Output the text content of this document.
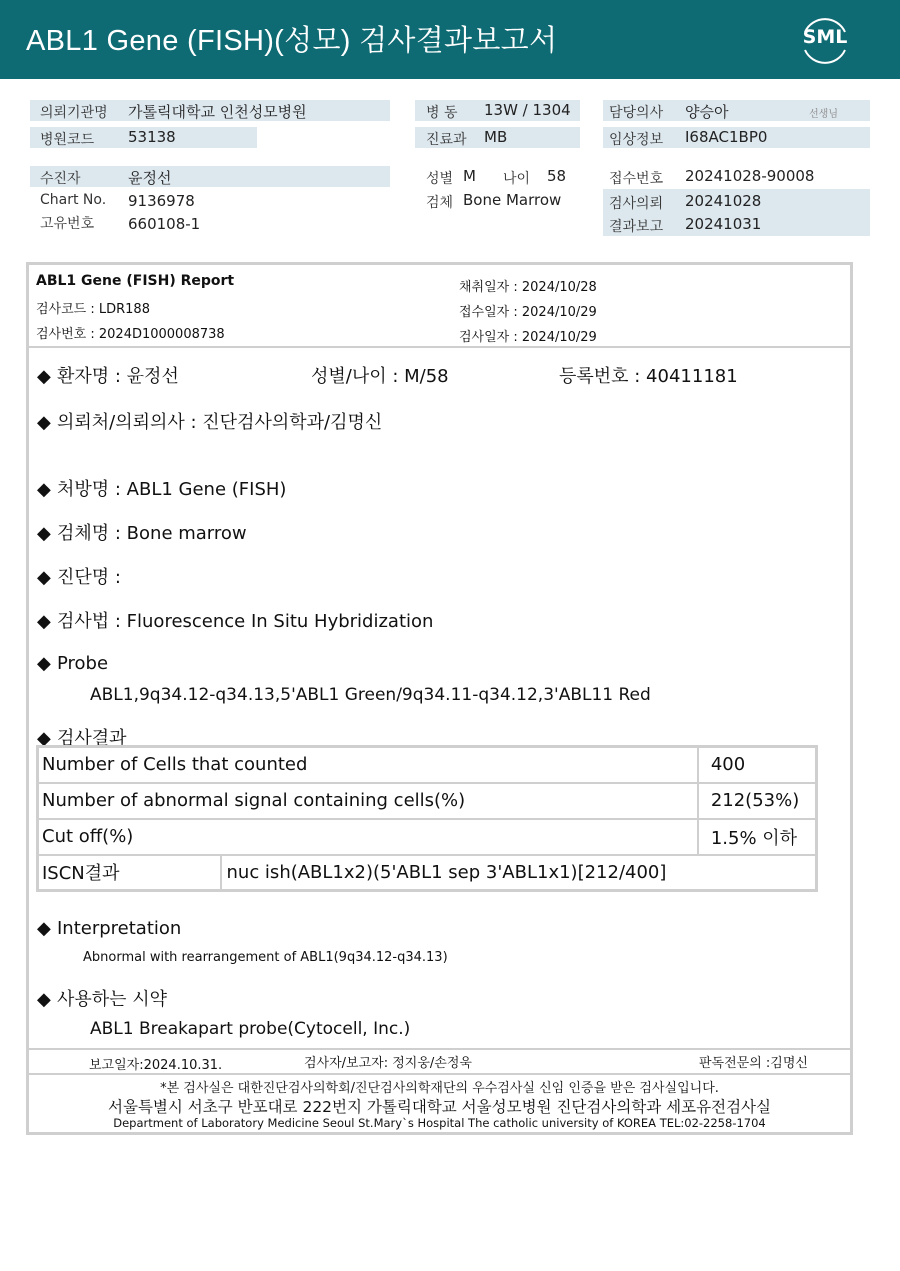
ABL1 Gene (FISH)(성모) 검사결과보고서	SML
의뢰기관명 가톨릭대학교 인천성모병원
병원코드 53138
병 동 13W / 1304
진료과 MB
담당의사 양승아	선생님
임상정보 I68AC1BP0
수진자	윤정선
Chart No. 9136978
고유번호 660108-1
성별 M 나이 58
검체 Bone Marrow
접수번호 20241028-90008
검사의뢰 20241028
결과보고 20241031
ABL1 Gene (FISH) Report
검사코드 : LDR188
검사번호 : 2024D1000008738
채취일자 : 2024/10/28
접수일자 : 2024/10/29
검사일자 : 2024/10/29
◆ 환자명 : 윤정선	성별/나이 : M/58	등록번호 : 40411181
◆ 의뢰처/의뢰의사 : 진단검사의학과/김명신
◆ 처방명 : ABL1 Gene (FISH)
◆ 검체명 : Bone marrow
◆ 진단명 :
◆ 검사법 : Fluorescence In Situ Hybridization
◆ Probe
ABL1,9q34.12-q34.13,5'ABL1 Green/9q34.11-q34.12,3'ABL11 Red
◆ 검사결과
Number of Cells that counted		400
Number of abnormal signal containing cells(%)		212(53%)
Cut off(%)		1.5% 이하
ISCN결과	nuc ish(ABL1x2)(5'ABL1 sep 3'ABL1x1)[212/400]	
◆ Interpretation
Abnormal with rearrangement of ABL1(9q34.12-q34.13)
◆ 사용하는 시약
ABL1 Breakapart probe(Cytocell, Inc.)
보고일자:2024.10.31.	검사자/보고자: 정지웅/손정욱	판독전문의 :김명신
*본 검사실은 대한진단검사의학회/진단검사의학재단의 우수검사실 신임 인증을 받은 검사실입니다.
서울특별시 서초구 반포대로 222번지 가톨릭대학교 서울성모병원 진단검사의학과 세포유전검사실
Department of Laboratory Medicine Seoul St.Mary`s Hospital The catholic university of KOREA TEL:02-2258-1704
